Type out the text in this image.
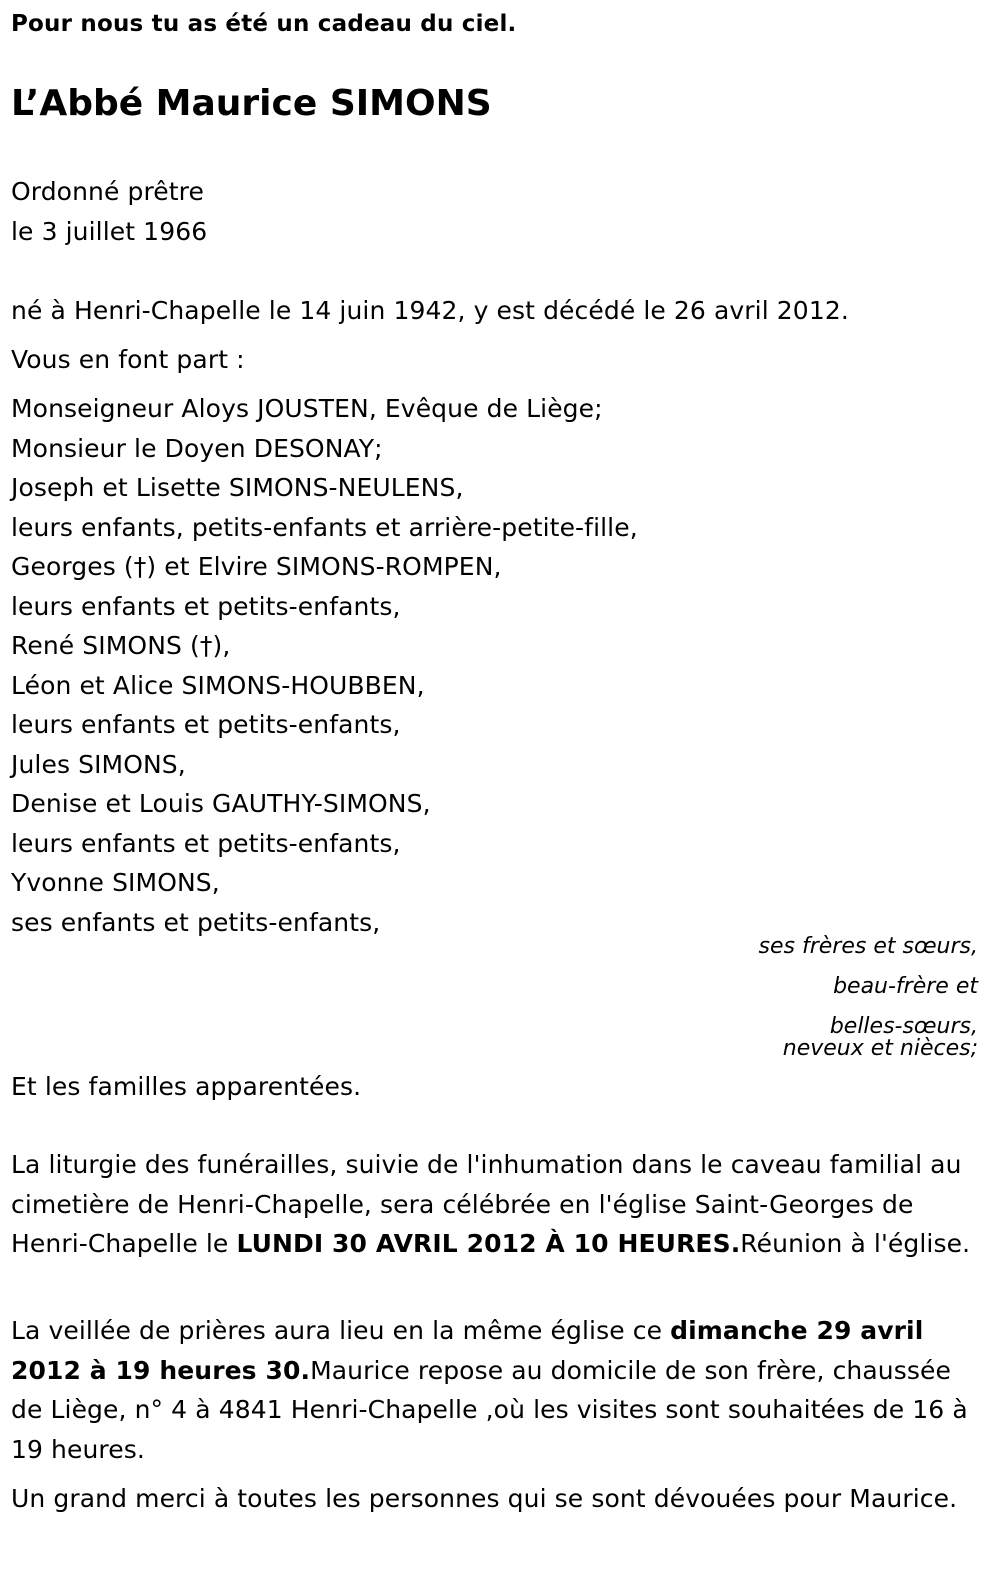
Pour nous tu as été un cadeau du ciel.
L’Abbé Maurice SIMONS
Ordonné prêtre
le 3 juillet 1966
né à Henri-Chapelle le 14 juin 1942, y est décédé le 26 avril 2012.
Vous en font part :
Monseigneur Aloys JOUSTEN, Evêque de Liège;
Monsieur le Doyen DESONAY;
Joseph et Lisette SIMONS-NEULENS,
leurs enfants, petits-enfants et arrière-petite-fille,
Georges (†) et Elvire SIMONS-ROMPEN,
leurs enfants et petits-enfants,
René SIMONS (†),
Léon et Alice SIMONS-HOUBBEN,
leurs enfants et petits-enfants,
Jules SIMONS,
Denise et Louis GAUTHY-SIMONS,
leurs enfants et petits-enfants,
Yvonne SIMONS,
ses enfants et petits-enfants,
ses frères et sœurs,
beau-frère et
belles-sœurs,
neveux et nièces;
Et les familles apparentées.
La liturgie des funérailles, suivie de l'inhumation dans le caveau familial au cimetière de Henri-Chapelle, sera célébrée en l'église Saint-Georges de Henri-Chapelle le LUNDI 30 AVRIL 2012 À 10 HEURES.Réunion à l'église.
La veillée de prières aura lieu en la même église ce dimanche 29 avril 2012 à 19 heures 30.Maurice repose au domicile de son frère, chaussée de Liège, n° 4 à 4841 Henri-Chapelle ,où les visites sont souhaitées de 16 à 19 heures.
Un grand merci à toutes les personnes qui se sont dévouées pour Maurice.
